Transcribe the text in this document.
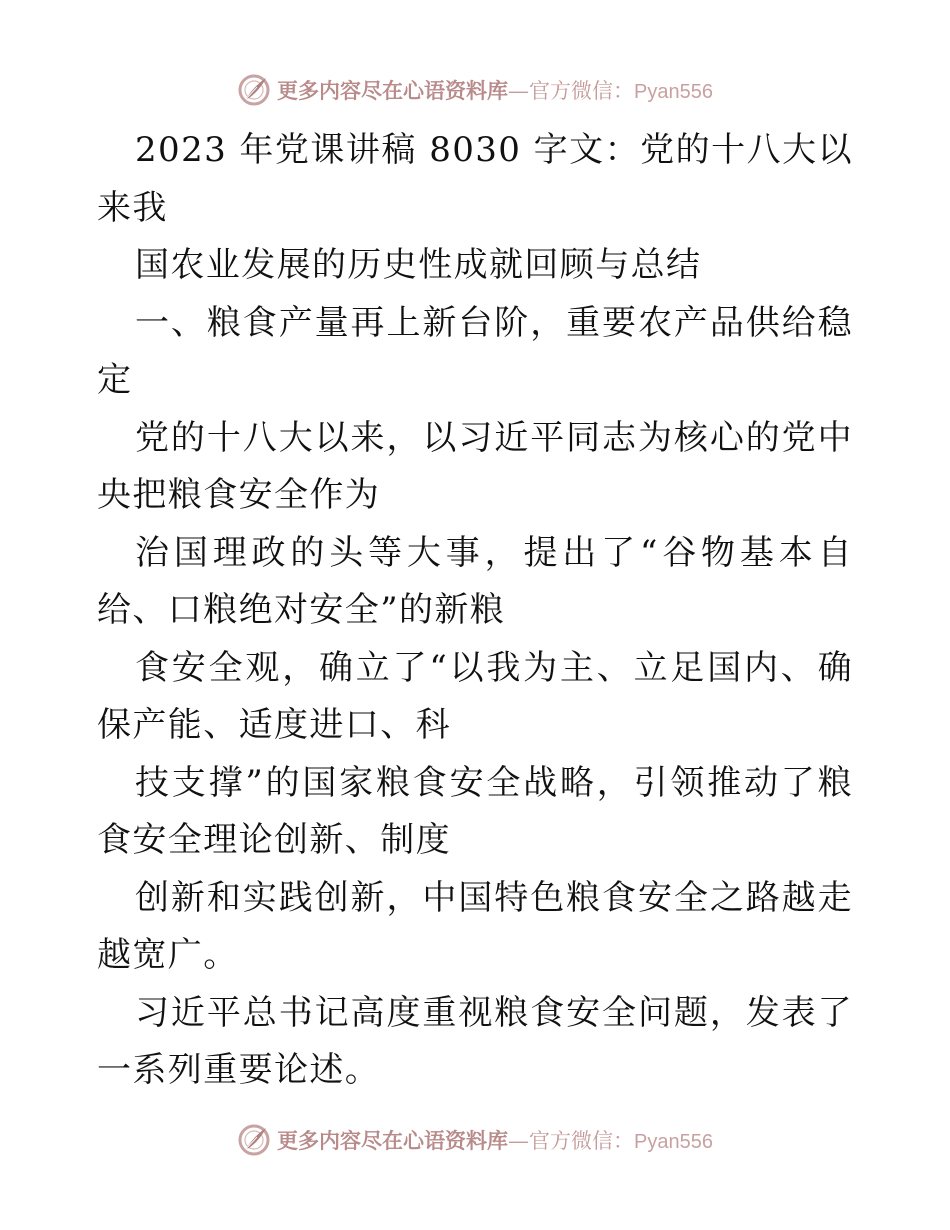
更多内容尽在心语资料库—官方微信：Pyan556

2023 年党课讲稿 8030 字文：党的十八大以来我

国农业发展的历史性成就回顾与总结

一、粮食产量再上新台阶，重要农产品供给稳定

党的十八大以来，以习近平同志为核心的党中央把粮食安全作为

治国理政的头等大事，提出了“谷物基本自给、口粮绝对安全”的新粮

食安全观，确立了“以我为主、立足国内、确保产能、适度进口、科

技支撑”的国家粮食安全战略，引领推动了粮食安全理论创新、制度

创新和实践创新，中国特色粮食安全之路越走越宽广。

习近平总书记高度重视粮食安全问题，发表了一系列重要论述。

更多内容尽在心语资料库—官方微信：Pyan556
